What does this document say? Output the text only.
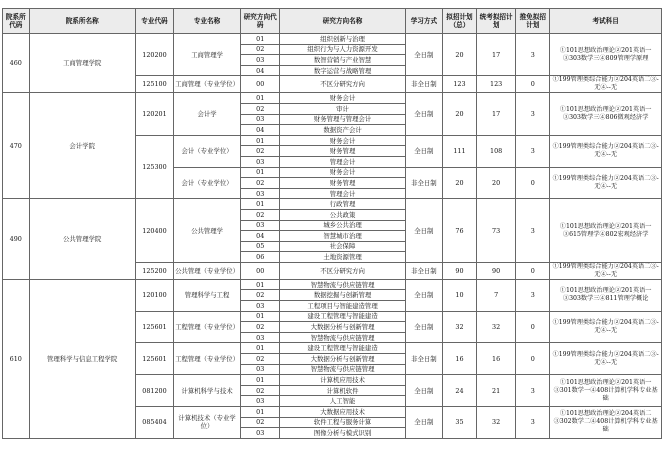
院系所代码	院系所名称	专业代码	专业名称	研究方向代码	研究方向名称	学习方式	拟招计划（总）	统考拟招计划	推免拟招计划	考试科目
460	工商管理学院	120200	工商管理学	01	组织创新与治理	全日制	20	17	3	①101思想政治理论②201英语一③303数学三④809管理学原理
				02	组织行为与人力资源开发					
				03	数智营销与产业智慧					
				04	数字运营与战略管理					
		125100	工商管理（专业学位）	00	不区分研究方向	非全日制	123	123	0	①199管理类综合能力②204英语二③-无④--无
470	会计学院	120201	会计学	01	财务会计	全日制	20	17	3	①101思想政治理论②201英语一③303数学三④806微观经济学
				02	审计					
				03	财务管理与管理会计					
				04	数据资产会计					
		125300	会计（专业学位）	01	财务会计	全日制	111	108	3	①199管理类综合能力②204英语二③-无④--无
				02	财务管理					
				03	管理会计					
			会计（专业学位）	01	财务会计	非全日制	20	20	0	①199管理类综合能力②204英语二③-无④--无
				02	财务管理					
				03	管理会计					
490	公共管理学院	120400	公共管理学	01	行政管理	全日制	76	73	3	①101思想政治理论②201英语一③615管理学④802宏观经济学
				02	公共政策					
				03	城乡公共治理					
				04	智慧城市治理					
				05	社会保障					
				06	土地资源管理					
		125200	公共管理（专业学位）	00	不区分研究方向	非全日制	90	90	0	①199管理类综合能力②204英语二③-无④--无
610	管理科学与信息工程学院	120100	管理科学与工程	01	智慧物流与供应链管理	全日制	10	7	3	①101思想政治理论②201英语一③303数学三④811管理学概论
				02	数据挖掘与创新管理					
				03	工程项目与智能建造管理					
		125601	工程管理（专业学位）	01	建设工程管理与智能建造	全日制	32	32	0	①199管理类综合能力②204英语二③-无④--无
				02	大数据分析与创新管理					
				03	智慧物流与供应链管理					
		125601	工程管理（专业学位）	01	建设工程管理与智能建造	非全日制	16	16	0	①199管理类综合能力②204英语二③-无④--无
				02	大数据分析与创新管理					
				03	智慧物流与供应链管理					
		081200	计算机科学与技术	01	计算机应用技术	全日制	24	21	3	①101思想政治理论②201英语一③301数学一④408计算机学科专业基础
				02	计算机软件					
				03	人工智能					
		085404	计算机技术（专业学位）	01	大数据应用技术	全日制	35	32	3	①101思想政治理论②204英语二③302数学二④408计算机学科专业基础
				02	软件工程与服务计算					
				03	图像分析与模式识别					
